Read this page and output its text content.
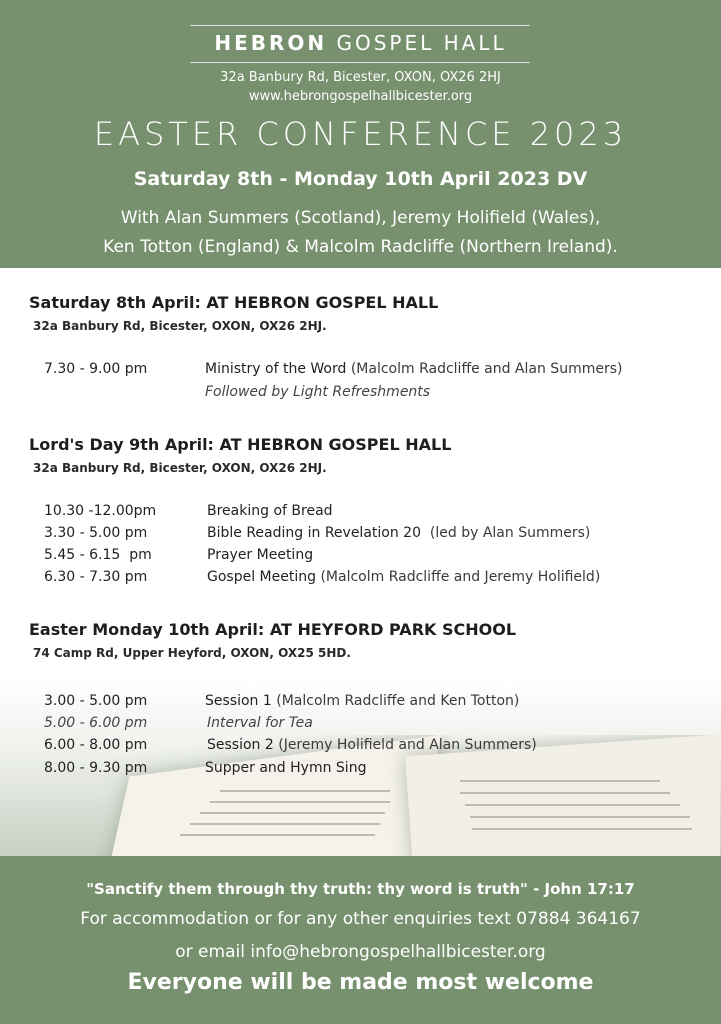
HEBRON GOSPEL HALL
32a Banbury Rd, Bicester, OXON, OX26 2HJ
www.hebrongospelhallbicester.org
EASTER CONFERENCE 2023
Saturday 8th - Monday 10th April 2023 DV
With Alan Summers (Scotland), Jeremy Holifield (Wales),
Ken Totton (England) & Malcolm Radcliffe (Northern Ireland).
Saturday 8th April: AT HEBRON GOSPEL HALL
32a Banbury Rd, Bicester, OXON, OX26 2HJ.
7.30 - 9.00 pm	Ministry of the Word (Malcolm Radcliffe and Alan Summers)
Followed by Light Refreshments
Lord's Day 9th April: AT HEBRON GOSPEL HALL
32a Banbury Rd, Bicester, OXON, OX26 2HJ.
10.30 -12.00pm	Breaking of Bread
3.30 - 5.00 pm	Bible Reading in Revelation 20  (led by Alan Summers)
5.45 - 6.15  pm	Prayer Meeting
6.30 - 7.30 pm	Gospel Meeting (Malcolm Radcliffe and Jeremy Holifield)
Easter Monday 10th April: AT HEYFORD PARK SCHOOL
74 Camp Rd, Upper Heyford, OXON, OX25 5HD.
3.00 - 5.00 pm	Session 1 (Malcolm Radcliffe and Ken Totton)
5.00 - 6.00 pm	Interval for Tea
6.00 - 8.00 pm	Session 2 (Jeremy Holifield and Alan Summers)
8.00 - 9.30 pm	Supper and Hymn Sing
"Sanctify them through thy truth: thy word is truth" - John 17:17
For accommodation or for any other enquiries text 07884 364167
or email info@hebrongospelhallbicester.org
Everyone will be made most welcome
